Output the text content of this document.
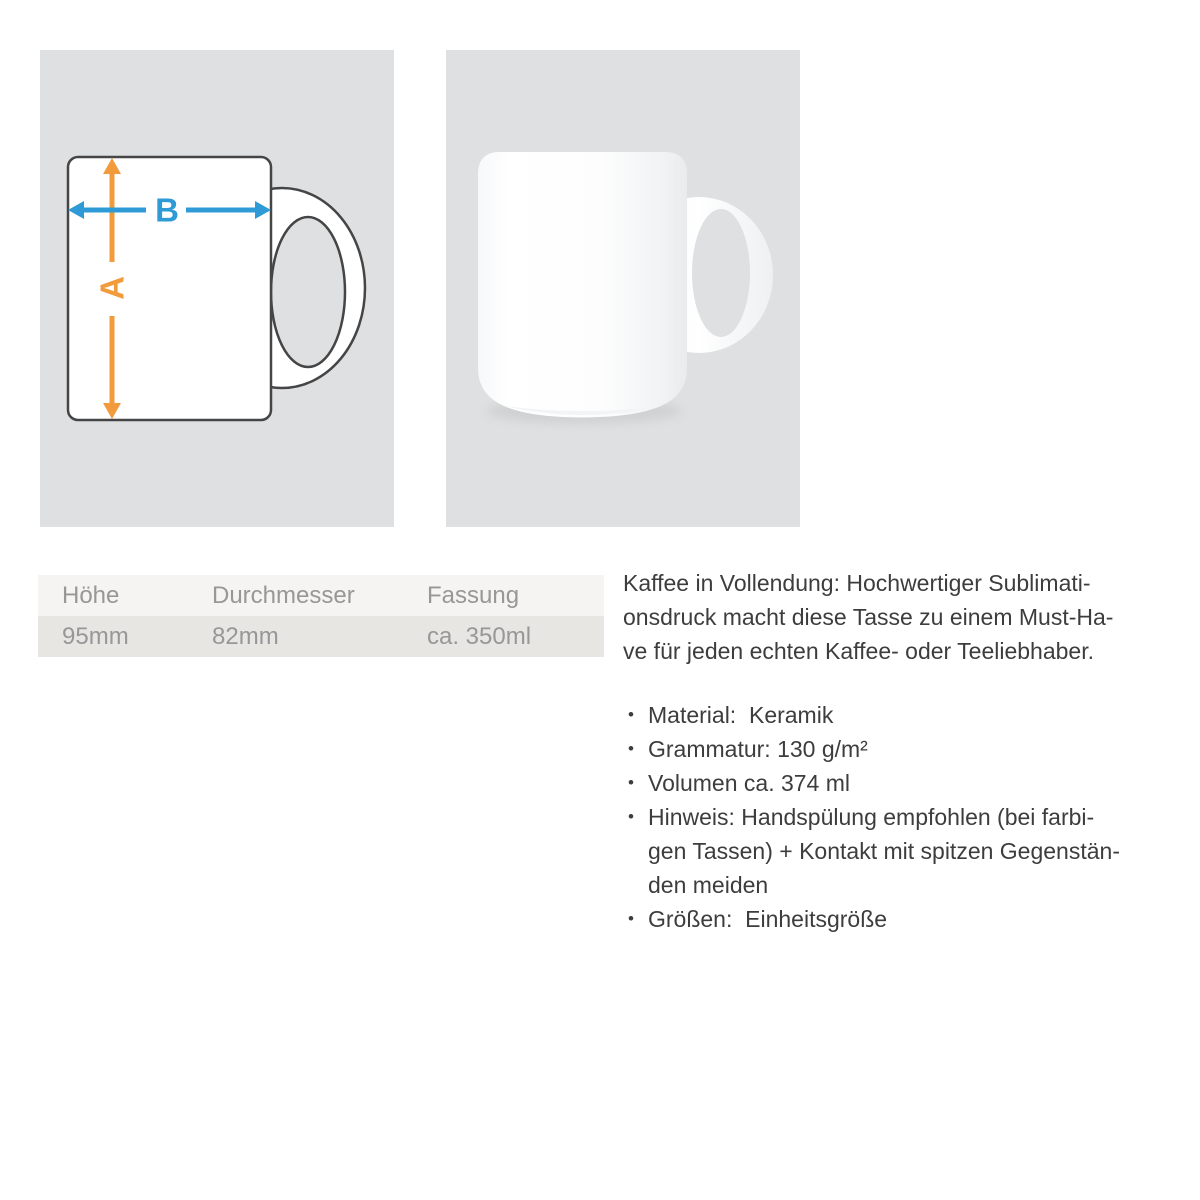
A
B
Höhe	Durchmesser	Fassung
95mm	82mm	ca. 350ml
Kaffee in Vollendung: Hochwertiger Sublimati-
onsdruck macht diese Tasse zu einem Must-Ha-
ve für jeden echten Kaffee- oder Teeliebhaber.
• Material:  Keramik
• Grammatur: 130 g/m²
• Volumen ca. 374 ml
• Hinweis: Handspülung empfohlen (bei farbi-
gen Tassen) + Kontakt mit spitzen Gegenstän-
den meiden
• Größen:  Einheitsgröße
